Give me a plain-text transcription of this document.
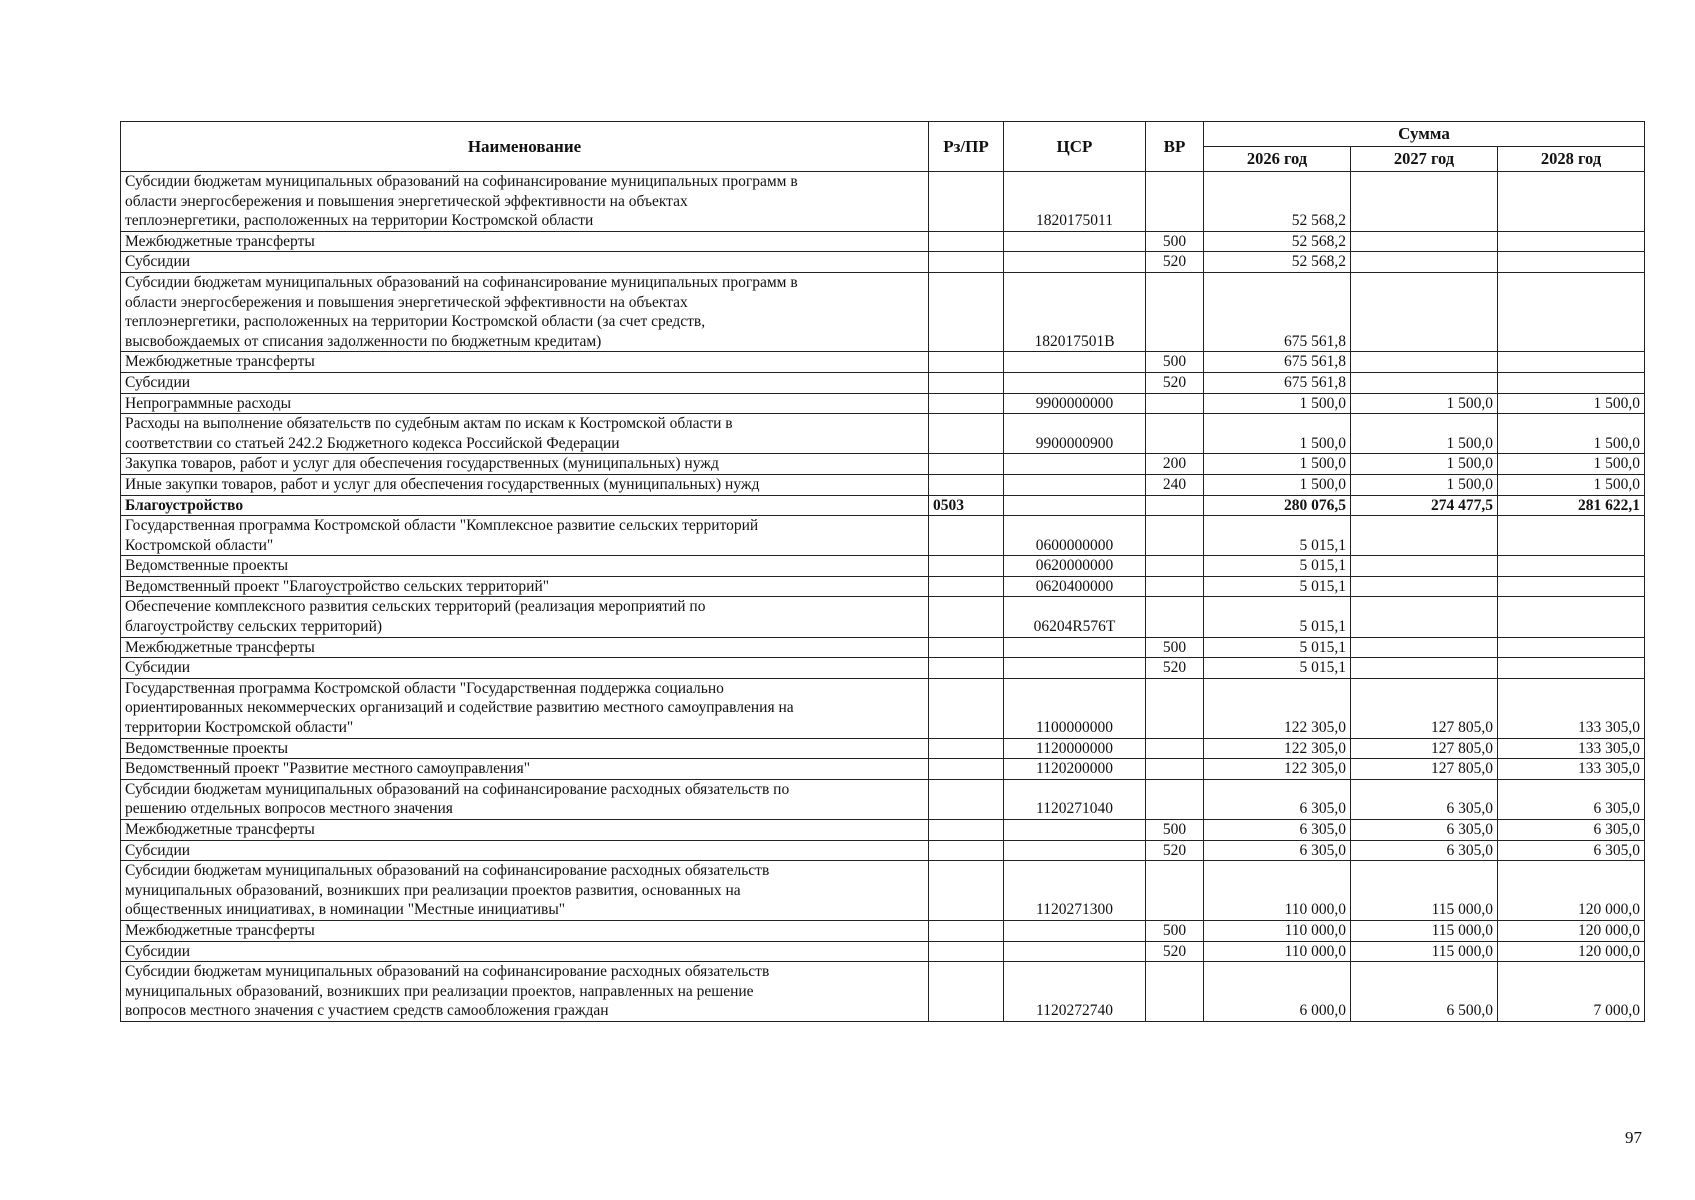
Наименование	Рз/ПР	ЦСР	ВР	Сумма		
				2026 год	2027 год	2028 год

Субсидии бюджетам муниципальных образований на софинансирование муниципальных программ в
области энергосбережения и повышения энергетической эффективности на объектах
теплоэнергетики, расположенных на территории Костромской области		1820175011		52 568,2		

Межбюджетные трансферты			500	52 568,2		

Субсидии			520	52 568,2		

Субсидии бюджетам муниципальных образований на софинансирование муниципальных программ в
области энергосбережения и повышения энергетической эффективности на объектах
теплоэнергетики, расположенных на территории Костромской области (за счет средств,
высвобождаемых от списания задолженности по бюджетным кредитам)		182017501В		675 561,8		

Межбюджетные трансферты			500	675 561,8		

Субсидии			520	675 561,8		

Непрограммные расходы		9900000000		1 500,0	1 500,0	1 500,0

Расходы на выполнение обязательств по судебным актам по искам к Костромской области в
соответствии со статьей 242.2 Бюджетного кодекса Российской Федерации		9900000900		1 500,0	1 500,0	1 500,0

Закупка товаров, работ и услуг для обеспечения государственных (муниципальных) нужд			200	1 500,0	1 500,0	1 500,0

Иные закупки товаров, работ и услуг для обеспечения государственных (муниципальных) нужд			240	1 500,0	1 500,0	1 500,0

Благоустройство	0503			280 076,5	274 477,5	281 622,1

Государственная программа Костромской области "Комплексное развитие сельских территорий
Костромской области"		0600000000		5 015,1		

Ведомственные проекты		0620000000		5 015,1		

Ведомственный проект "Благоустройство сельских территорий"		0620400000		5 015,1		

Обеспечение комплексного развития сельских территорий (реализация мероприятий по
благоустройству сельских территорий)		06204R576Т		5 015,1		

Межбюджетные трансферты			500	5 015,1		

Субсидии			520	5 015,1		

Государственная программа Костромской области "Государственная поддержка социально
ориентированных некоммерческих организаций и содействие развитию местного самоуправления на
территории Костромской области"		1100000000		122 305,0	127 805,0	133 305,0

Ведомственные проекты		1120000000		122 305,0	127 805,0	133 305,0

Ведомственный проект "Развитие местного самоуправления"		1120200000		122 305,0	127 805,0	133 305,0

Субсидии бюджетам муниципальных образований на софинансирование расходных обязательств по
решению отдельных вопросов местного значения		1120271040		6 305,0	6 305,0	6 305,0

Межбюджетные трансферты			500	6 305,0	6 305,0	6 305,0

Субсидии			520	6 305,0	6 305,0	6 305,0

Субсидии бюджетам муниципальных образований на софинансирование расходных обязательств
муниципальных образований, возникших при реализации проектов развития, основанных на
общественных инициативах, в номинации "Местные инициативы"		1120271300		110 000,0	115 000,0	120 000,0

Межбюджетные трансферты			500	110 000,0	115 000,0	120 000,0

Субсидии			520	110 000,0	115 000,0	120 000,0

Субсидии бюджетам муниципальных образований на софинансирование расходных обязательств
муниципальных образований, возникших при реализации проектов, направленных на решение
вопросов местного значения с участием средств самообложения граждан		1120272740		6 000,0	6 500,0	7 000,0
97
